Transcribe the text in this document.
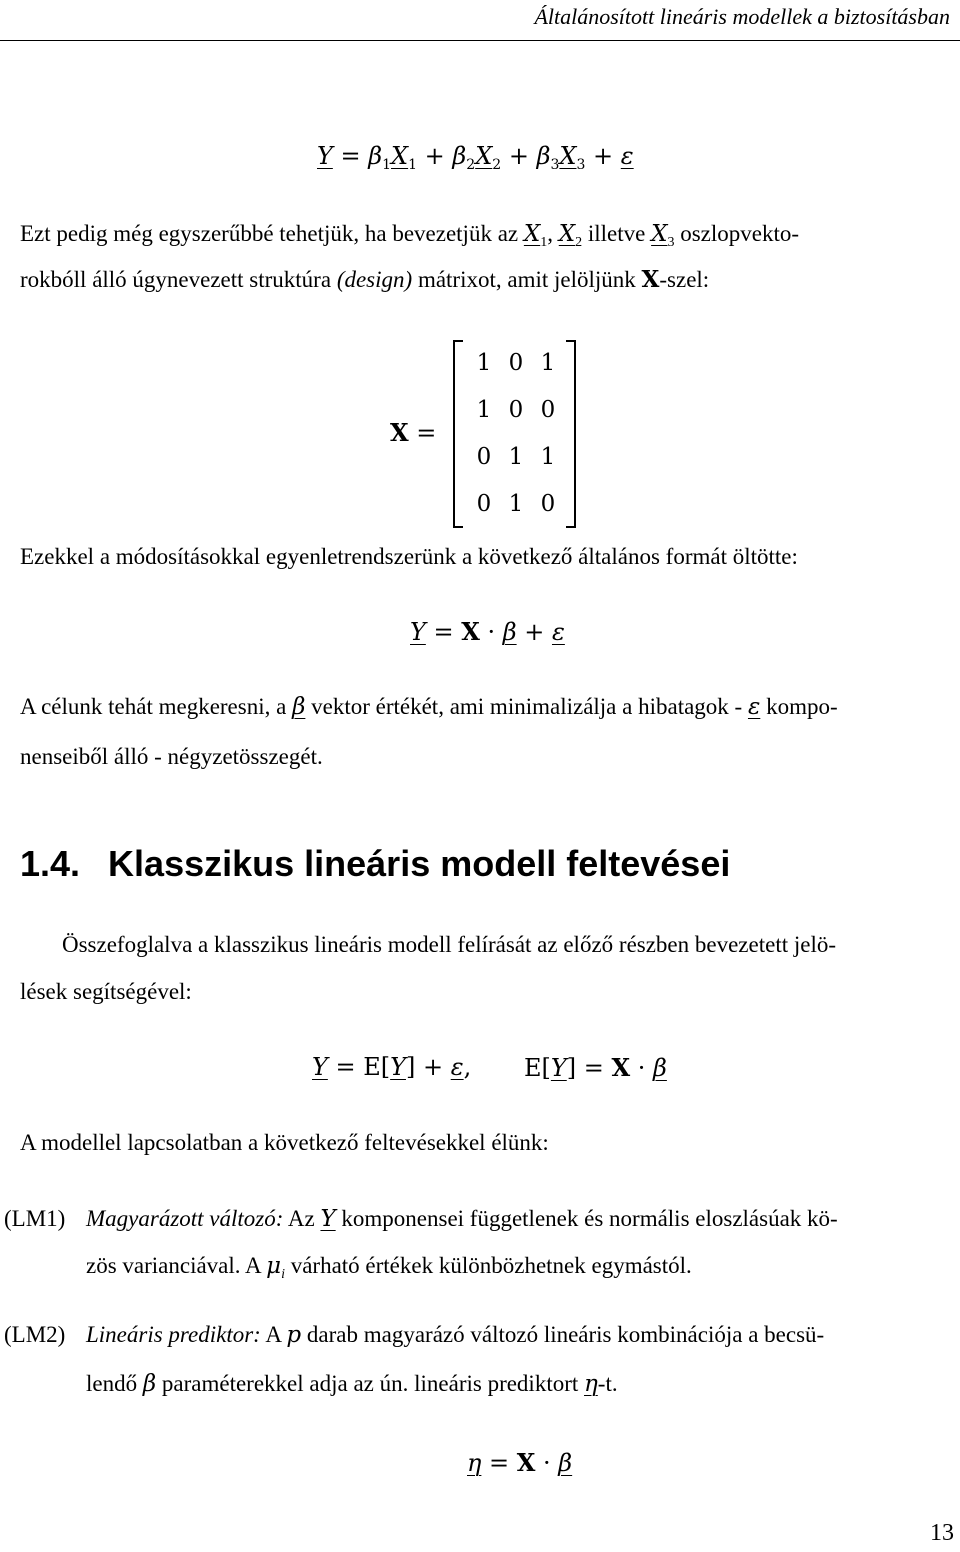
Általánosított lineáris modellek a biztosításban
$Y = \beta_1X_1 + \beta_2X_2 + \beta_3X_3 + \varepsilon$
Ezt pedig még egyszerűbbé tehetjük, ha bevezetjük az $X_1$, $X_2$ illetve $X_3$ oszlopvekto-
rokbóll álló úgynevezett struktúra (design) mátrixot, amit jelöljünk X-szel:
X =
1 0 1
1 0 0
0 1 1
0 1 0
Ezekkel a módosításokkal egyenletrendszerünk a következő általános formát öltötte:
Y = X · β + ε
A célunk tehát megkeresni, a β vektor értékét, ami minimalizálja a hibatagok - ε kompo-
nenseiből álló - négyzetösszegét.
1.4. Klasszikus lineáris modell feltevései
Összefoglalva a klasszikus lineáris modell felírását az előző részben bevezetett jelö-
lések segítségével:
Y = E[Y] + ε, E[Y] = X · β
A modellel lapcsolatban a következő feltevésekkel élünk:
(LM1) Magyarázott változó: Az Y komponensei függetlenek és normális eloszlásúak kö-
zös varianciával. A $\mu_i$ várható értékek különbözhetnek egymástól.
(LM2) Lineáris prediktor: A p darab magyarázó változó lineáris kombinációja a becsü-
lendő β paraméterekkel adja az ún. lineáris prediktort η-t.
η = X · β
13
